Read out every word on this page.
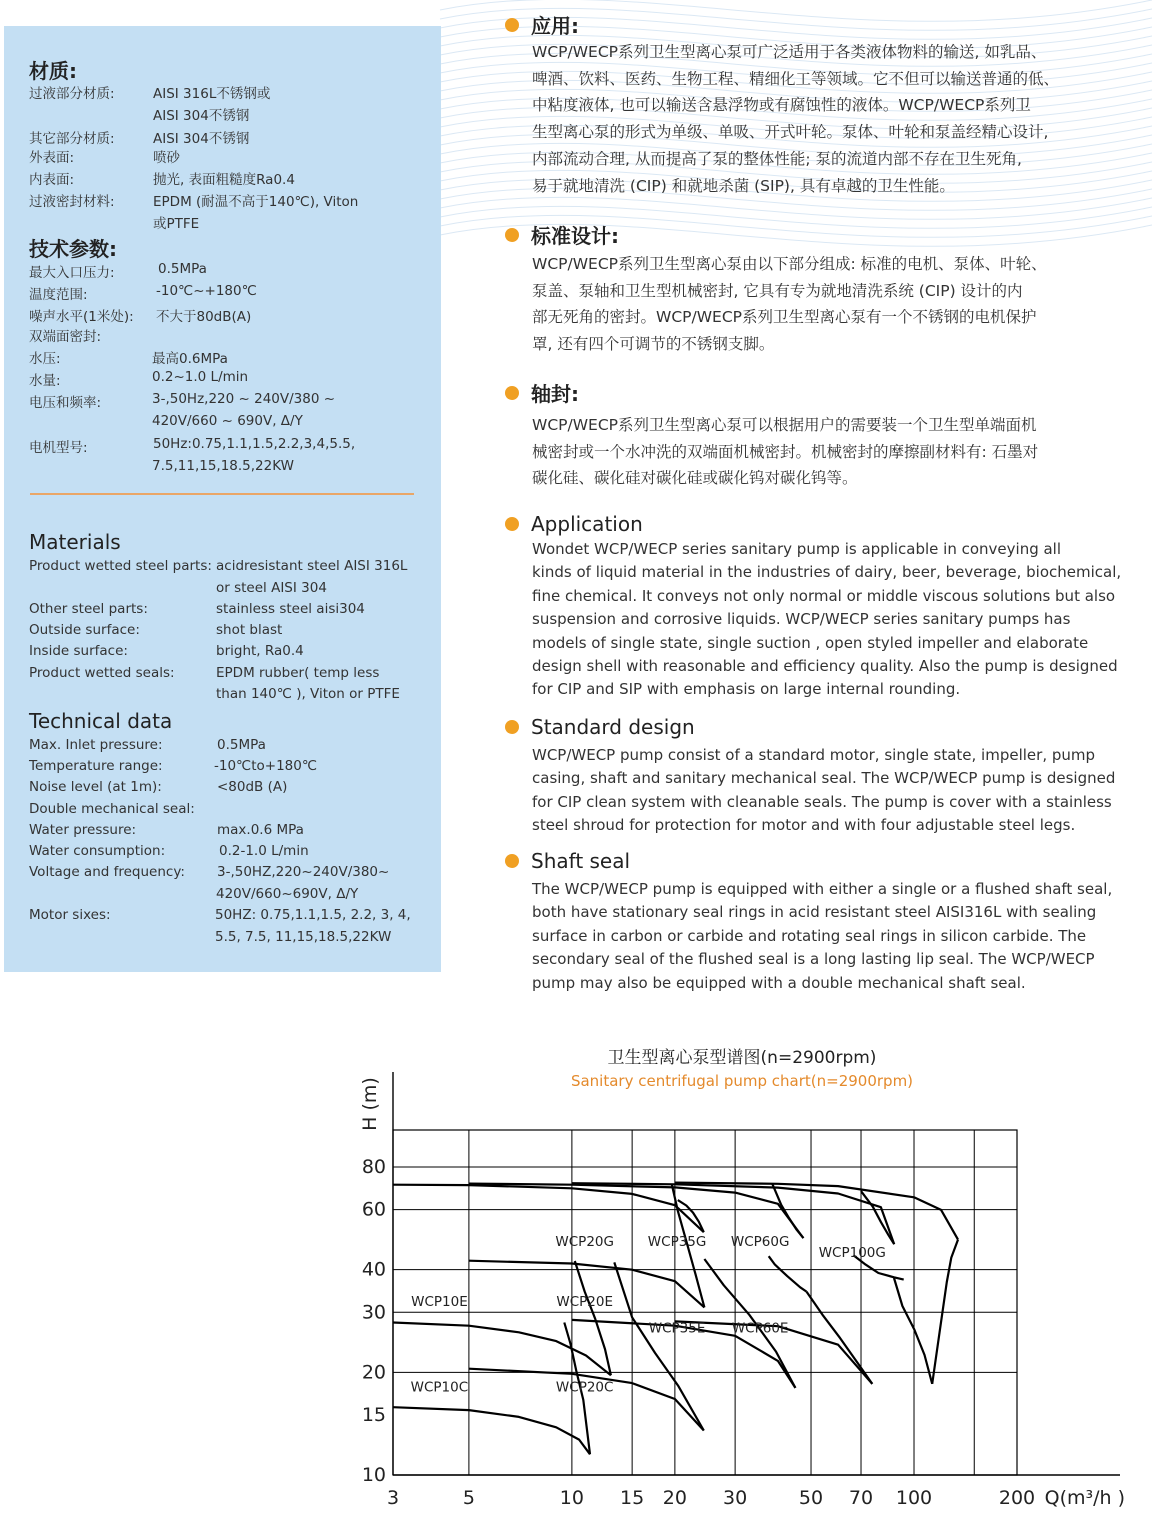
材质:
过液部分材质:	AISI 316L不锈钢或
AISI 304不锈钢
其它部分材质:	AISI 304不锈钢
外表面:	喷砂
内表面:	抛光, 表面粗糙度Ra0.4
过液密封材料:	EPDM (耐温不高于140℃), Viton
或PTFE
技术参数:
最大入口压力:	0.5MPa
温度范围:	-10℃~+180℃
噪声水平(1米处): 不大于80dB(A)
双端面密封:
水压:	最高0.6MPa
水量:	0.2~1.0 L/min
电压和频率:	3-,50Hz,220 ~ 240V/380 ~
420V/660 ~ 690V, Δ/Y
电机型号:	50Hz:0.75,1.1,1.5,2.2,3,4,5.5,
7.5,11,15,18.5,22KW
Materials
Product wetted steel parts: acidresistant steel AISI 316L
or steel AISI 304
Other steel parts:	stainless steel aisi304
Outside surface:	shot blast
Inside surface:	bright, Ra0.4
Product wetted seals:	EPDM rubber( temp less
than 140℃ ), Viton or PTFE
Technical data
Max. Inlet pressure:	0.5MPa
Temperature range:	-10℃to+180℃
Noise level (at 1m):	<80dB (A)
Double mechanical seal:
Water pressure:	max.0.6 MPa
Water consumption:	0.2-1.0 L/min
Voltage and frequency: 3-,50HZ,220~240V/380~
420V/660~690V, Δ/Y
Motor sixes:	50HZ: 0.75,1.1,1.5, 2.2, 3, 4,
5.5, 7.5, 11,15,18.5,22KW
应用:
WCP/WECP系列卫生型离心泵可广泛适用于各类液体物料的输送, 如乳品、
啤酒、饮料、医药、生物工程、精细化工等领域。它不但可以输送普通的低、
中粘度液体, 也可以输送含悬浮物或有腐蚀性的液体。WCP/WECP系列卫
生型离心泵的形式为单级、单吸、开式叶轮。泵体、叶轮和泵盖经精心设计,
内部流动合理, 从而提高了泵的整体性能; 泵的流道内部不存在卫生死角,
易于就地清洗 (CIP) 和就地杀菌 (SIP), 具有卓越的卫生性能。
标准设计:
WCP/WECP系列卫生型离心泵由以下部分组成: 标准的电机、泵体、叶轮、
泵盖、泵轴和卫生型机械密封, 它具有专为就地清洗系统 (CIP) 设计的内
部无死角的密封。WCP/WECP系列卫生型离心泵有一个不锈钢的电机保护
罩, 还有四个可调节的不锈钢支脚。
轴封:
WCP/WECP系列卫生型离心泵可以根据用户的需要装一个卫生型单端面机
械密封或一个水冲洗的双端面机械密封。机械密封的摩擦副材料有: 石墨对
碳化硅、碳化硅对碳化硅或碳化钨对碳化钨等。
Application
Wondet WCP/WECP series sanitary pump is applicable in conveying all
kinds of liquid material in the industries of dairy, beer, beverage, biochemical,
fine chemical. It conveys not only normal or middle viscous solutions but also
suspension and corrosive liquids. WCP/WECP series sanitary pumps has
models of single state, single suction , open styled impeller and elaborate
design shell with reasonable and efficiency quality. Also the pump is designed
for CIP and SIP with emphasis on large internal rounding.
Standard design
WCP/WECP pump consist of a standard motor, single state, impeller, pump
casing, shaft and sanitary mechanical seal. The WCP/WECP pump is designed
for CIP clean system with cleanable seals. The pump is cover with a stainless
steel shroud for protection for motor and with four adjustable steel legs.
Shaft seal
The WCP/WECP pump is equipped with either a single or a flushed shaft seal,
both have stationary seal rings in acid resistant steel AISI316L with sealing
surface in carbon or carbide and rotating seal rings in silicon carbide. The
secondary seal of the flushed seal is a long lasting lip seal. The WCP/WECP
pump may also be equipped with a double mechanical shaft seal.
卫生型离心泵型谱图(n=2900rpm)
Sanitary centrifugal pump chart(n=2900rpm)
3	5	10 15 20 30	50 70 100	200
10
15
20
30
40
60
80
Q(m³/h )
H (m)
WCP10C
WCP10E
WCP20C
WCP20E
WCP20G
WCP35E
WCP35G
WCP60E
WCP60G
WCP100G
